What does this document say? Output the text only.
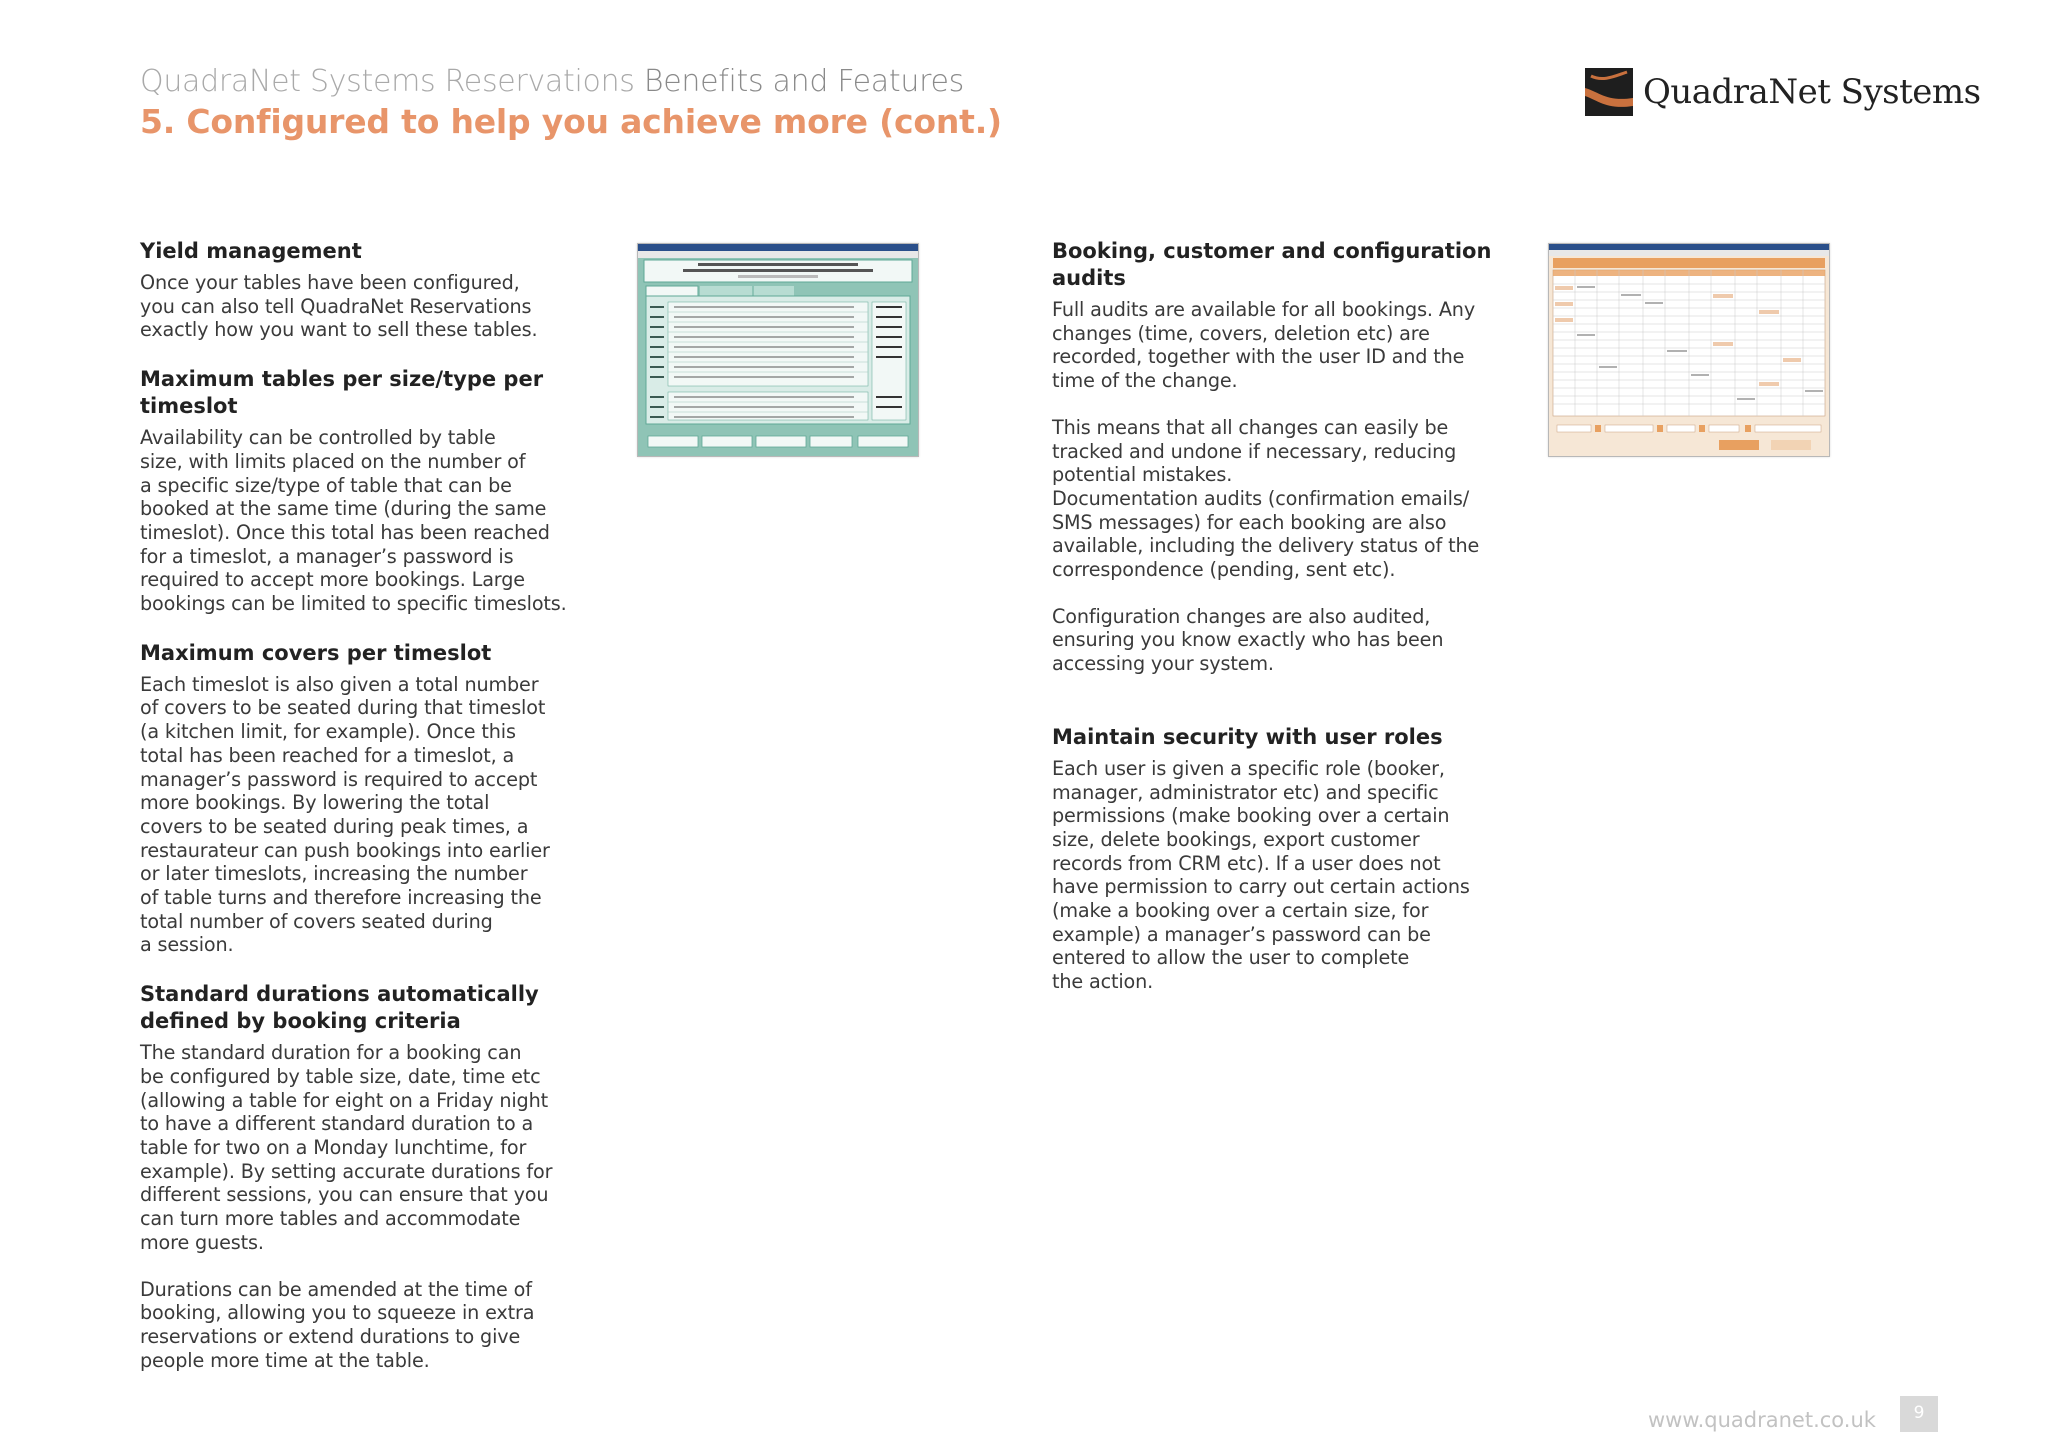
QuadraNet Systems Reservations Benefits and Features
5. Configured to help you achieve more (cont.)
QuadraNet Systems
Yield management

Once your tables have been configured,
you can also tell QuadraNet Reservations
exactly how you want to sell these tables.

Maximum tables per size/type per
timeslot

Availability can be controlled by table
size, with limits placed on the number of
a specific size/type of table that can be
booked at the same time (during the same
timeslot). Once this total has been reached
for a timeslot, a manager’s password is
required to accept more bookings. Large
bookings can be limited to specific timeslots.

Maximum covers per timeslot

Each timeslot is also given a total number
of covers to be seated during that timeslot
(a kitchen limit, for example). Once this
total has been reached for a timeslot, a
manager’s password is required to accept
more bookings. By lowering the total
covers to be seated during peak times, a
restaurateur can push bookings into earlier
or later timeslots, increasing the number
of table turns and therefore increasing the
total number of covers seated during
a session.

Standard durations automatically
defined by booking criteria

The standard duration for a booking can
be configured by table size, date, time etc
(allowing a table for eight on a Friday night
to have a different standard duration to a
table for two on a Monday lunchtime, for
example). By setting accurate durations for
different sessions, you can ensure that you
can turn more tables and accommodate
more guests.

Durations can be amended at the time of
booking, allowing you to squeeze in extra
reservations or extend durations to give
people more time at the table.

Booking, customer and configuration
audits

Full audits are available for all bookings. Any
changes (time, covers, deletion etc) are
recorded, together with the user ID and the
time of the change.

This means that all changes can easily be
tracked and undone if necessary, reducing
potential mistakes.
Documentation audits (confirmation emails/
SMS messages) for each booking are also
available, including the delivery status of the
correspondence (pending, sent etc).

Configuration changes are also audited,
ensuring you know exactly who has been
accessing your system.

Maintain security with user roles

Each user is given a specific role (booker,
manager, administrator etc) and specific
permissions (make booking over a certain
size, delete bookings, export customer
records from CRM etc). If a user does not
have permission to carry out certain actions
(make a booking over a certain size, for
example) a manager’s password can be
entered to allow the user to complete
the action.

www.quadranet.co.uk	9
